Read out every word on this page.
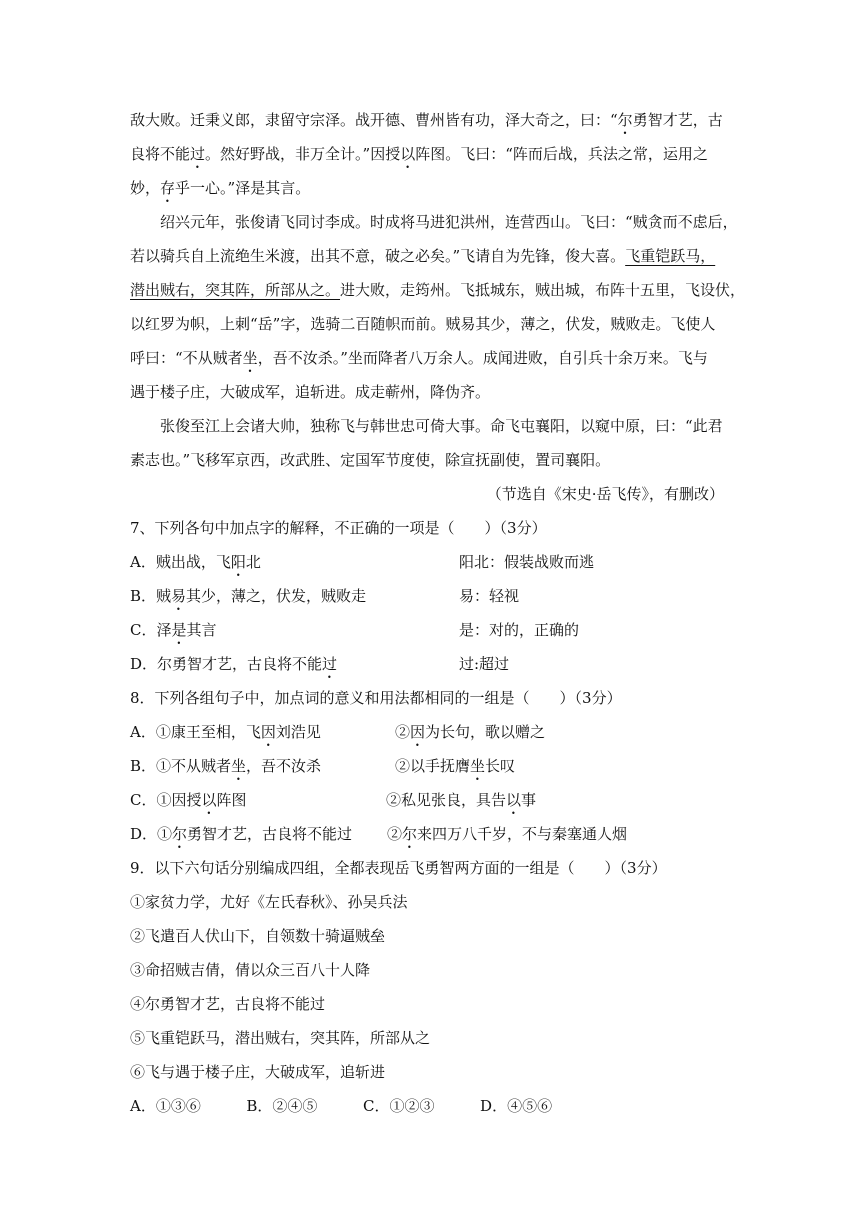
敌大败。迁秉义郎，隶留守宗泽。战开德、曹州皆有功，泽大奇之，曰：“尔勇智才艺，古
良将不能过。然好野战，非万全计。”因授以阵图。飞曰：“阵而后战，兵法之常，运用之
妙，存乎一心。”泽是其言。
绍兴元年，张俊请飞同讨李成。时成将马进犯洪州，连营西山。飞曰：“贼贪而不虑后，
若以骑兵自上流绝生米渡，出其不意，破之必矣。”飞请自为先锋，俊大喜。飞重铠跃马，
潜出贼右，突其阵，所部从之。进大败，走筠州。飞抵城东，贼出城，布阵十五里，飞设伏，
以红罗为帜，上刺“岳”字，选骑二百随帜而前。贼易其少，薄之，伏发，贼败走。飞使人
呼曰：“不从贼者坐，吾不汝杀。”坐而降者八万余人。成闻进败，自引兵十余万来。飞与
遇于楼子庄，大破成军，追斩进。成走蕲州，降伪齐。
张俊至江上会诸大帅，独称飞与韩世忠可倚大事。命飞屯襄阳，以窥中原，曰：“此君
素志也。”飞移军京西，改武胜、定国军节度使，除宣抚副使，置司襄阳。
（节选自《宋史·岳飞传》，有删改）
7、下列各句中加点字的解释，不正确的一项是（　　）（3分）
A．贼出战，飞阳北	阳北：假装战败而逃
B．贼易其少，薄之，伏发，贼败走	易：轻视
C．泽是其言	是：对的，正确的
D．尔勇智才艺，古良将不能过	过:超过
8．下列各组句子中，加点词的意义和用法都相同的一组是（　　）（3分）
A．①康王至相，飞因刘浩见	②因为长句，歌以赠之
B．①不从贼者坐，吾不汝杀	②以手抚膺坐长叹
C．①因授以阵图	②私见张良，具告以事
D．①尔勇智才艺，古良将不能过 ②尔来四万八千岁，不与秦塞通人烟
9．以下六句话分别编成四组，全都表现岳飞勇智两方面的一组是（　　）（3分）
①家贫力学，尤好《左氏春秋》、孙吴兵法
②飞遣百人伏山下，自领数十骑逼贼垒
③命招贼吉倩，倩以众三百八十人降
④尔勇智才艺，古良将不能过
⑤飞重铠跃马，潜出贼右，突其阵，所部从之
⑥飞与遇于楼子庄，大破成军，追斩进
A．①③⑥	B．②④⑤	C．①②③	D．④⑤⑥
